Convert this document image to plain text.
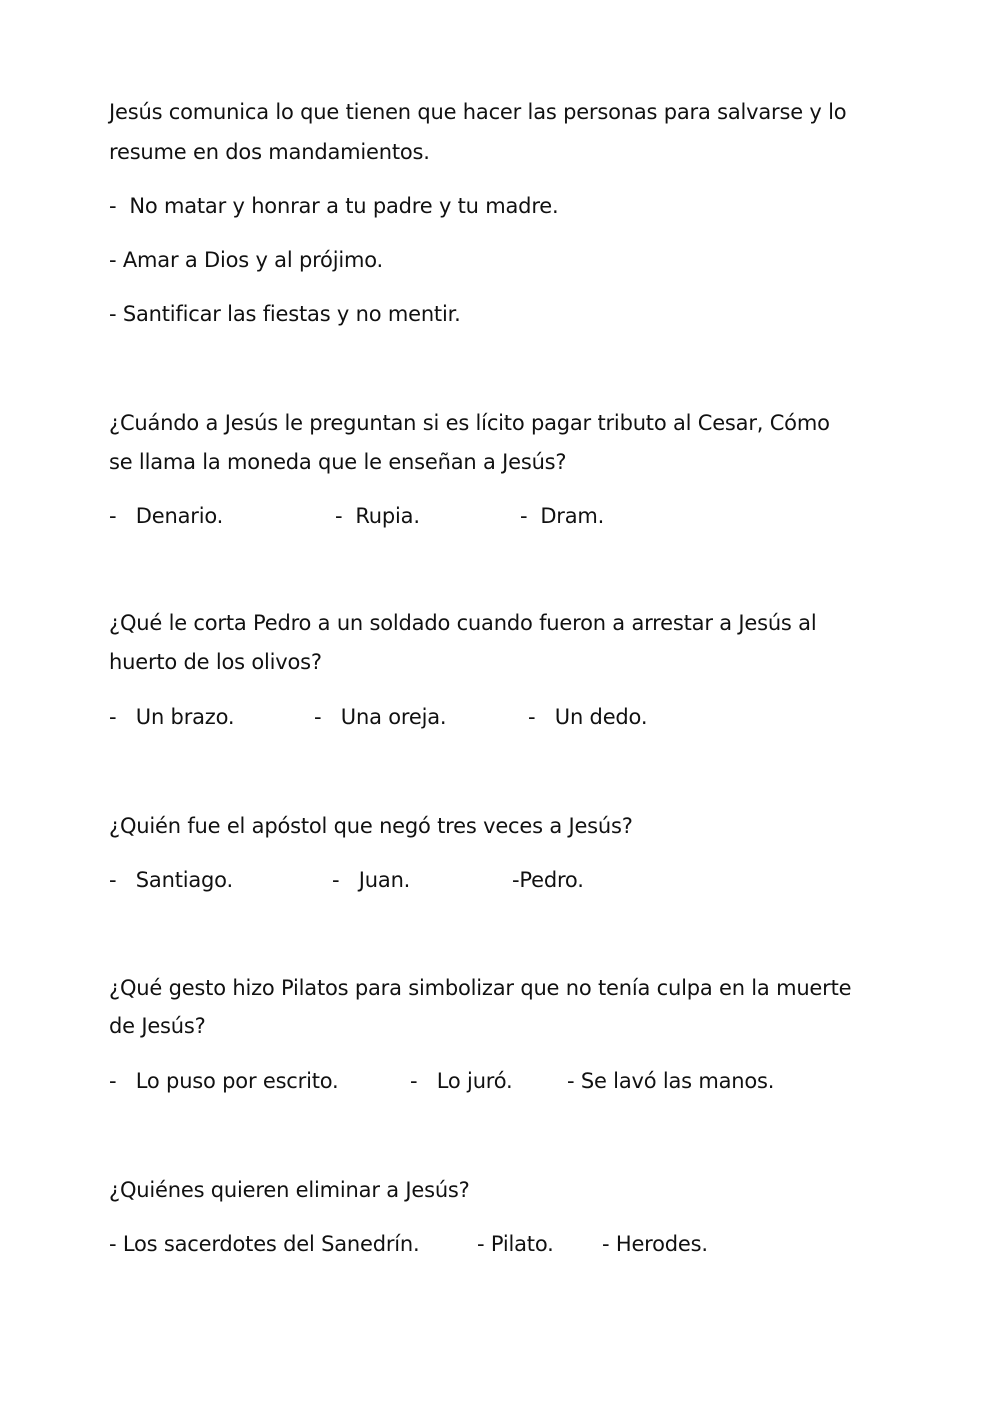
Jesús comunica lo que tienen que hacer las personas para salvarse y lo
resume en dos mandamientos.
-  No matar y honrar a tu padre y tu madre.
- Amar a Dios y al prójimo.
- Santificar las fiestas y no mentir.
¿Cuándo a Jesús le preguntan si es lícito pagar tributo al Cesar, Cómo
se llama la moneda que le enseñan a Jesús?
-   Denario.	-  Rupia.	-  Dram.
¿Qué le corta Pedro a un soldado cuando fueron a arrestar a Jesús al
huerto de los olivos?
-   Un brazo.	-   Una oreja.	-   Un dedo.
¿Quién fue el apóstol que negó tres veces a Jesús?
-   Santiago.	-   Juan.	-Pedro.
¿Qué gesto hizo Pilatos para simbolizar que no tenía culpa en la muerte
de Jesús?
-   Lo puso por escrito.	-   Lo juró.	- Se lavó las manos.
¿Quiénes quieren eliminar a Jesús?
- Los sacerdotes del Sanedrín.	- Pilato. - Herodes.
